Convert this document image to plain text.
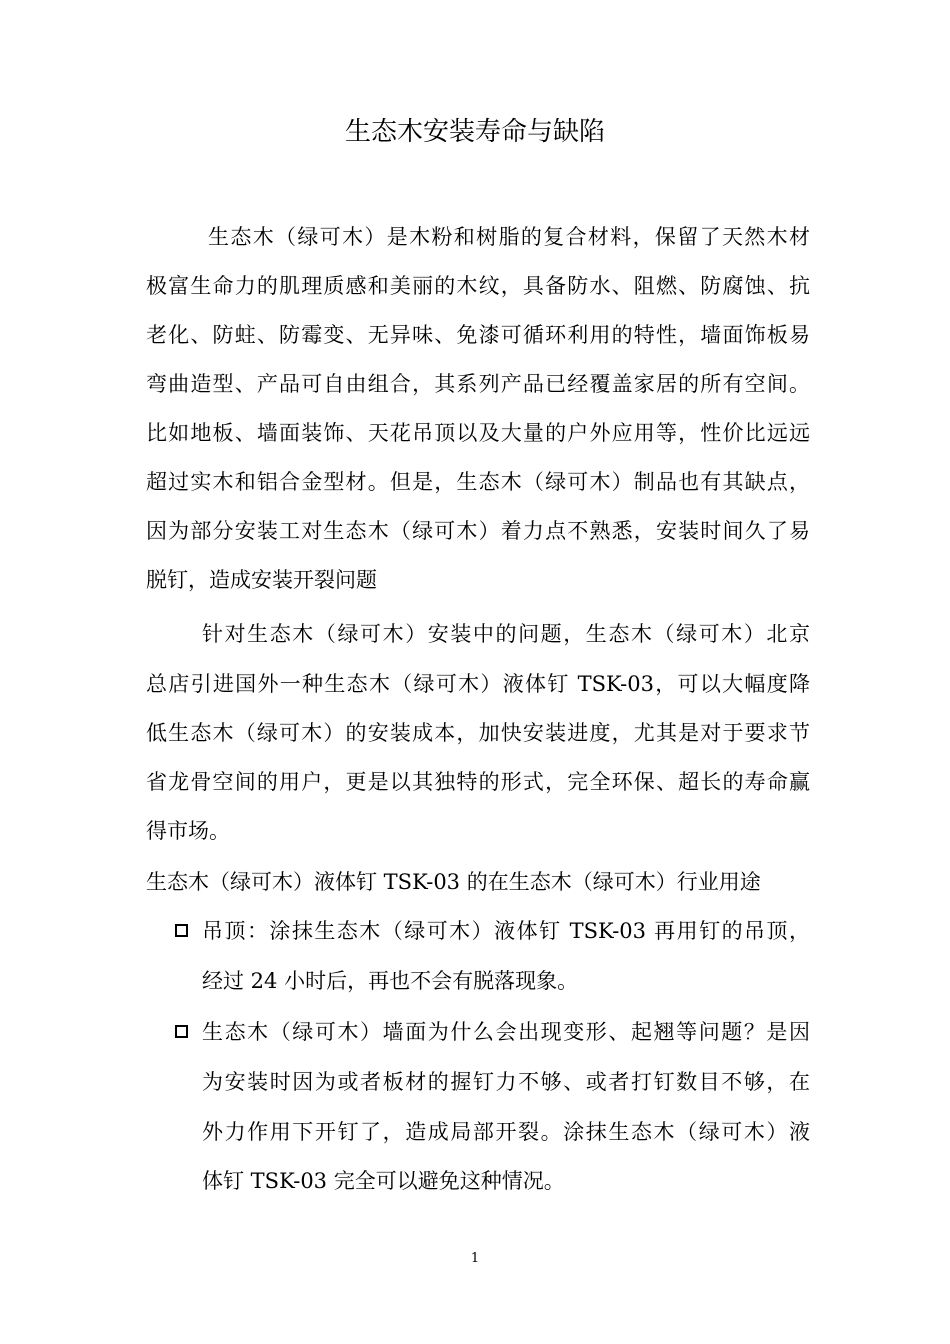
生态木安装寿命与缺陷
生态木（绿可木）是木粉和树脂的复合材料，保留了天然木材
极富生命力的肌理质感和美丽的木纹，具备防水、阻燃、防腐蚀、抗
老化、防蛀、防霉变、无异味、免漆可循环利用的特性，墙面饰板易
弯曲造型、产品可自由组合，其系列产品已经覆盖家居的所有空间。
比如地板、墙面装饰、天花吊顶以及大量的户外应用等，性价比远远
超过实木和铝合金型材。但是，生态木（绿可木）制品也有其缺点，
因为部分安装工对生态木（绿可木）着力点不熟悉，安装时间久了易
脱钉，造成安装开裂问题
针对生态木（绿可木）安装中的问题，生态木（绿可木）北京
总店引进国外一种生态木（绿可木）液体钉 TSK-03，可以大幅度降
低生态木（绿可木）的安装成本，加快安装进度，尤其是对于要求节
省龙骨空间的用户，更是以其独特的形式，完全环保、超长的寿命赢
得市场。
生态木（绿可木）液体钉 TSK-03 的在生态木（绿可木）行业用途
吊顶：涂抹生态木（绿可木）液体钉 TSK-03 再用钉的吊顶，
经过 24 小时后，再也不会有脱落现象。
生态木（绿可木）墙面为什么会出现变形、起翘等问题？是因
为安装时因为或者板材的握钉力不够、或者打钉数目不够，在
外力作用下开钉了，造成局部开裂。涂抹生态木（绿可木）液
体钉 TSK-03 完全可以避免这种情况。
1
